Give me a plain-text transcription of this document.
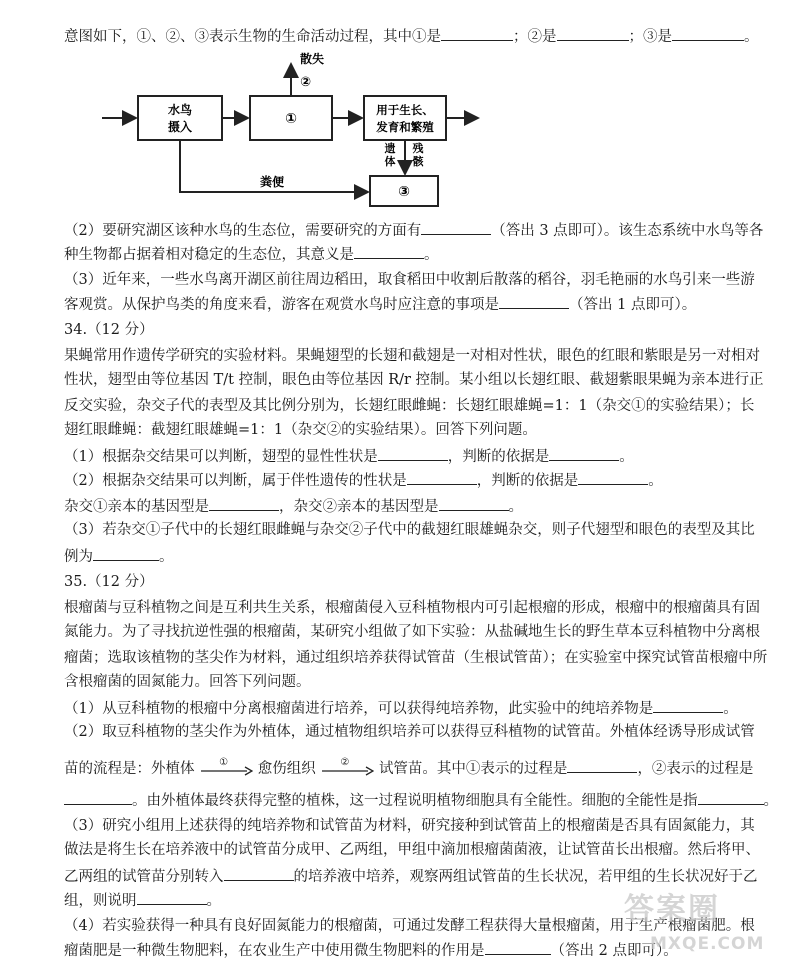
意图如下，①、②、③表示生物的生命活动过程，其中①是	；②是	；③是	。
水鸟
摄入	①
散失
②
用于生长、
发育和繁殖
遗
体
残
骸
③
粪便
（2）要研究湖区该种水鸟的生态位，需要研究的方面有	（答出 3 点即可）。该生态系统中水鸟等各
种生物都占据着相对稳定的生态位，其意义是	。
（3）近年来，一些水鸟离开湖区前往周边稻田，取食稻田中收割后散落的稻谷，羽毛艳丽的水鸟引来一些游
客观赏。从保护鸟类的角度来看，游客在观赏水鸟时应注意的事项是	（答出 1 点即可）。
34.（12 分）
果蝇常用作遗传学研究的实验材料。果蝇翅型的长翅和截翅是一对相对性状，眼色的红眼和紫眼是另一对相对
性状，翅型由等位基因 T/t 控制，眼色由等位基因 R/r 控制。某小组以长翅红眼、截翅紫眼果蝇为亲本进行正
反交实验，杂交子代的表型及其比例分别为，长翅红眼雌蝇：长翅红眼雄蝇=1：1（杂交①的实验结果）；长
翅红眼雌蝇：截翅红眼雄蝇=1：1（杂交②的实验结果）。回答下列问题。
（1）根据杂交结果可以判断，翅型的显性性状是	，判断的依据是	。
（2）根据杂交结果可以判断，属于伴性遗传的性状是	，判断的依据是	。
杂交①亲本的基因型是	，杂交②亲本的基因型是	。
（3）若杂交①子代中的长翅红眼雌蝇与杂交②子代中的截翅红眼雄蝇杂交，则子代翅型和眼色的表型及其比
例为	。
35.（12 分）
根瘤菌与豆科植物之间是互利共生关系，根瘤菌侵入豆科植物根内可引起根瘤的形成，根瘤中的根瘤菌具有固
氮能力。为了寻找抗逆性强的根瘤菌，某研究小组做了如下实验：从盐碱地生长的野生草本豆科植物中分离根
瘤菌；选取该植物的茎尖作为材料，通过组织培养获得试管苗（生根试管苗）；在实验室中探究试管苗根瘤中所
含根瘤菌的固氮能力。回答下列问题。
（1）从豆科植物的根瘤中分离根瘤菌进行培养，可以获得纯培养物，此实验中的纯培养物是	。
（2）取豆科植物的茎尖作为外植体，通过植物组织培养可以获得豆科植物的试管苗。外植体经诱导形成试管
苗的流程是：外植体 ① 愈伤组织 ② 试管苗。其中①表示的过程是	，②表示的过程是
。由外植体最终获得完整的植株，这一过程说明植物细胞具有全能性。细胞的全能性是指	。
（3）研究小组用上述获得的纯培养物和试管苗为材料，研究接种到试管苗上的根瘤菌是否具有固氮能力，其
做法是将生长在培养液中的试管苗分成甲、乙两组，甲组中滴加根瘤菌菌液，让试管苗长出根瘤。然后将甲、
乙两组的试管苗分别转入	的培养液中培养，观察两组试管苗的生长状况，若甲组的生长状况好于乙
组，则说明	。
（4）若实验获得一种具有良好固氮能力的根瘤菌，可通过发酵工程获得大量根瘤菌，用于生产根瘤菌肥。根
瘤菌肥是一种微生物肥料，在农业生产中使用微生物肥料的作用是	（答出 2 点即可）。
答案圈
MXQE.COM
